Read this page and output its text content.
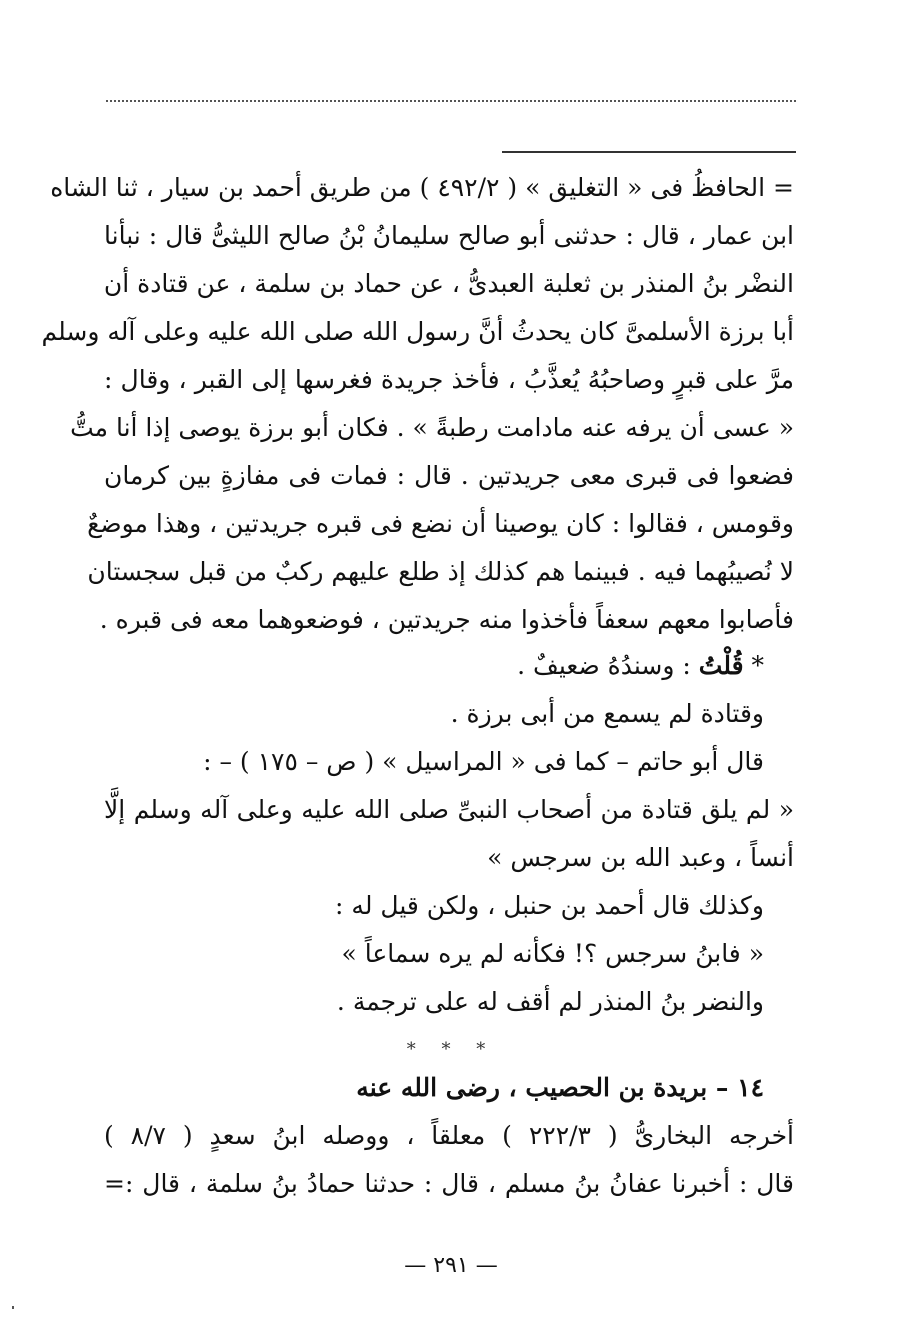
= الحافظُ فى « التغليق » ( ٤٩٢/٢ ) من طريق أحمد بن سيار ، ثنا الشاه
ابن عمار ، قال : حدثنى أبو صالح سليمانُ بْنُ صالح الليثىُّ قال : نبأنا
النضْر بنُ المنذر بن ثعلبة العبدىُّ ، عن حماد بن سلمة ، عن قتادة أن
أبا برزة الأسلمىَّ كان يحدثُ أنَّ رسول الله صلى الله عليه وعلى آله وسلم
مرَّ على قبرٍ وصاحبُهُ يُعذَّبُ ، فأخذ جريدة فغرسها إلى القبر ، وقال :
« عسى أن يرفه عنه مادامت رطبةً » . فكان أبو برزة يوصى إذا أنا متُّ
فضعوا فى قبرى معى جريدتين . قال : فمات فى مفازةٍ بين كرمان
وقومس ، فقالوا : كان يوصينا أن نضع فى قبره جريدتين ، وهذا موضعٌ
لا نُصيبُهما فيه . فبينما هم كذلك إذ طلع عليهم ركبٌ من قبل سجستان
فأصابوا معهم سعفاً فأخذوا منه جريدتين ، فوضعوهما معه فى قبره .
* قُلْتُ : وسندُهُ ضعيفٌ .
وقتادة لم يسمع من أبى برزة .
قال أبو حاتم – كما فى « المراسيل » ( ص – ١٧٥ ) – :
« لم يلق قتادة من أصحاب النبىِّ صلى الله عليه وعلى آله وسلم إلَّا
أنساً ، وعبد الله بن سرجس »
وكذلك قال أحمد بن حنبل ، ولكن قيل له :
« فابنُ سرجس ؟! فكأنه لم يره سماعاً »
والنضر بنُ المنذر لم أقف له على ترجمة .
* * *
١٤ – بريدة بن الحصيب ، رضى الله عنه
أخرجه البخارىُّ ( ٢٢٢/٣ ) معلقاً ، ووصله ابنُ سعدٍ ( ٨/٧ )
قال : أخبرنا عفانُ بنُ مسلم ، قال : حدثنا حمادُ بنُ سلمة ، قال :=
— ٢٩١ —
